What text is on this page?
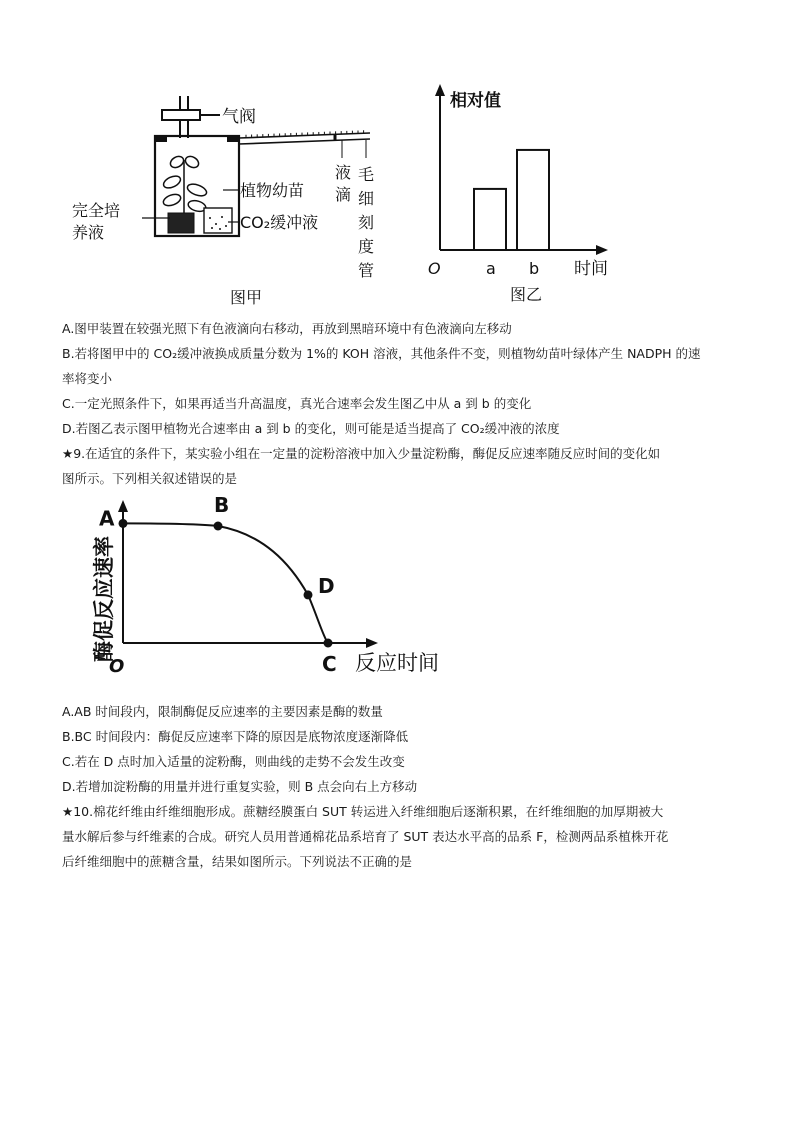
气阀
植物幼苗
CO₂缓冲液
完全培
养液
液
滴
毛
细
刻
度
管
图甲
a b
相对值
时间
O
图乙
A.图甲装置在较强光照下有色液滴向右移动，再放到黑暗环境中有色液滴向左移动
B.若将图甲中的 CO₂缓冲液换成质量分数为 1%的 KOH 溶液，其他条件不变，则植物幼苗叶绿体产生 NADPH 的速
率将变小
C.一定光照条件下，如果再适当升高温度，真光合速率会发生图乙中从 a 到 b 的变化
D.若图乙表示图甲植物光合速率由 a 到 b 的变化，则可能是适当提高了 CO₂缓冲液的浓度
★9.在适宜的条件下，某实验小组在一定量的淀粉溶液中加入少量淀粉酶，酶促反应速率随反应时间的变化如
图所示。下列相关叙述错误的是
A
B
D
C
酶促反应速率
反应时间
O
A.AB 时间段内，限制酶促反应速率的主要因素是酶的数量
B.BC 时间段内：酶促反应速率下降的原因是底物浓度逐渐降低
C.若在 D 点时加入适量的淀粉酶，则曲线的走势不会发生改变
D.若增加淀粉酶的用量并进行重复实验，则 B 点会向右上方移动
★10.棉花纤维由纤维细胞形成。蔗糖经膜蛋白 SUT 转运进入纤维细胞后逐渐积累，在纤维细胞的加厚期被大
量水解后参与纤维素的合成。研究人员用普通棉花品系培育了 SUT 表达水平高的品系 F，检测两品系植株开花
后纤维细胞中的蔗糖含量，结果如图所示。下列说法不正确的是
